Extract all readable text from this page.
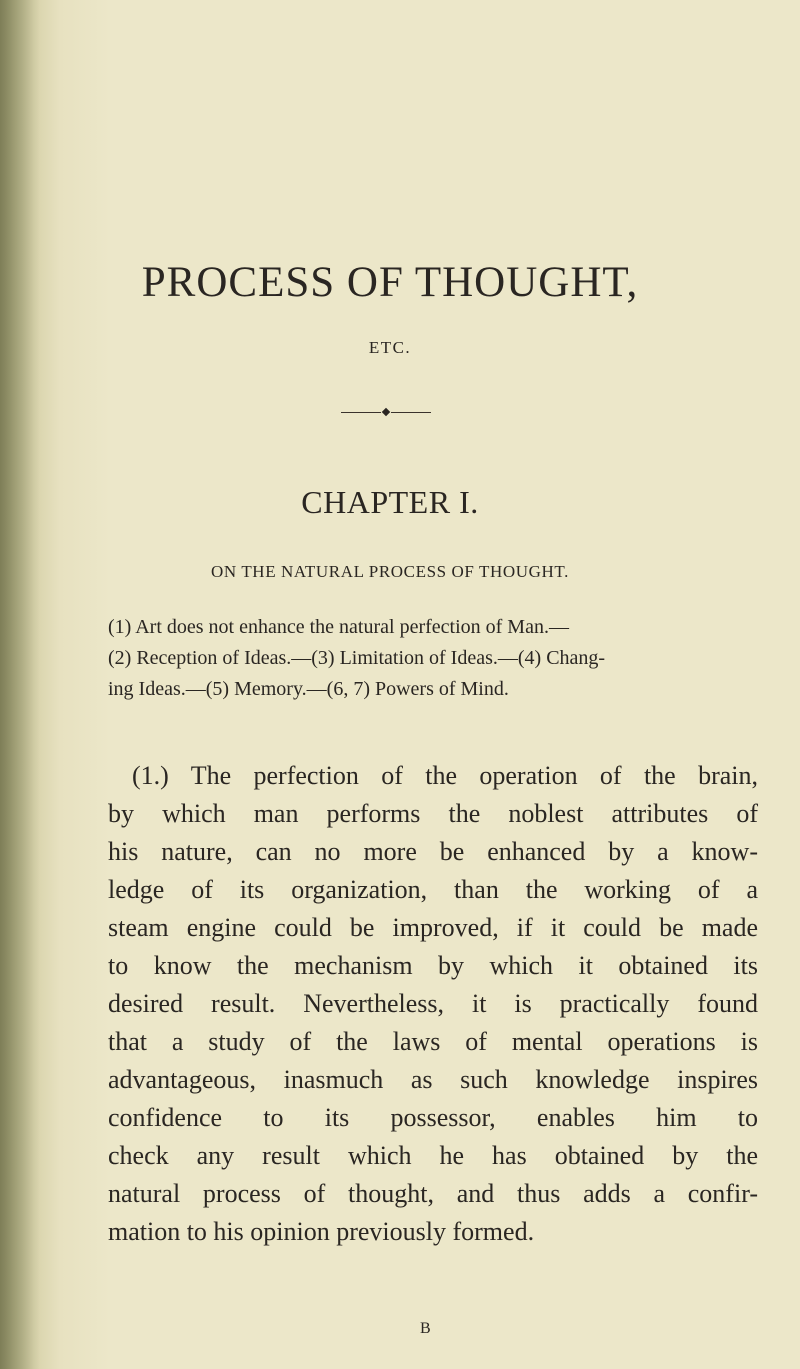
PROCESS OF THOUGHT,
ETC.
CHAPTER I.
ON THE NATURAL PROCESS OF THOUGHT.
(1) Art does not enhance the natural perfection of Man.—
(2) Reception of Ideas.—(3) Limitation of Ideas.—(4) Chang-
ing Ideas.—(5) Memory.—(6, 7) Powers of Mind.
(1.) The perfection of the operation of the brain,
by which man performs the noblest attributes of
his nature, can no more be enhanced by a know-
ledge of its organization, than the working of a
steam engine could be improved, if it could be made
to know the mechanism by which it obtained its
desired result. Nevertheless, it is practically found
that a study of the laws of mental operations is
advantageous, inasmuch as such knowledge inspires
confidence to its possessor, enables him to
check any result which he has obtained by the
natural process of thought, and thus adds a confir-
mation to his opinion previously formed.
B
